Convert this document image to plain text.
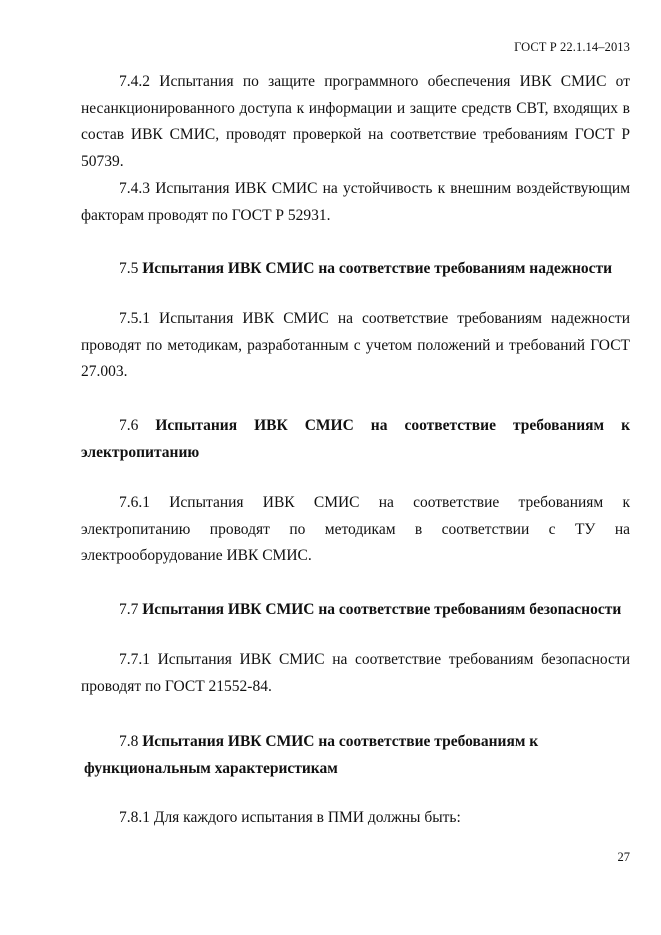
ГОСТ Р 22.1.14–2013

7.4.2 Испытания по защите программного обеспечения ИВК СМИС от несанкционированного доступа к информации и защите средств СВТ, входящих в состав ИВК СМИС, проводят проверкой на соответствие требованиям ГОСТ Р 50739.

7.4.3 Испытания ИВК СМИС на устойчивость к внешним воздействующим факторам проводят по ГОСТ Р 52931.

7.5 Испытания ИВК СМИС на соответствие требованиям надежности

7.5.1 Испытания ИВК СМИС на соответствие требованиям надежности проводят по методикам, разработанным с учетом положений и требований ГОСТ 27.003.

7.6 Испытания ИВК СМИС на соответствие требованиям к электропитанию

7.6.1 Испытания ИВК СМИС на соответствие требованиям к электропитанию проводят по методикам в соответствии с ТУ на электрооборудование ИВК СМИС.

7.7 Испытания ИВК СМИС на соответствие требованиям безопасности

7.7.1 Испытания ИВК СМИС на соответствие требованиям безопасности проводят по ГОСТ 21552-84.

7.8 Испытания ИВК СМИС на соответствие требованиям к
функциональным характеристикам

7.8.1 Для каждого испытания в ПМИ должны быть:

27
